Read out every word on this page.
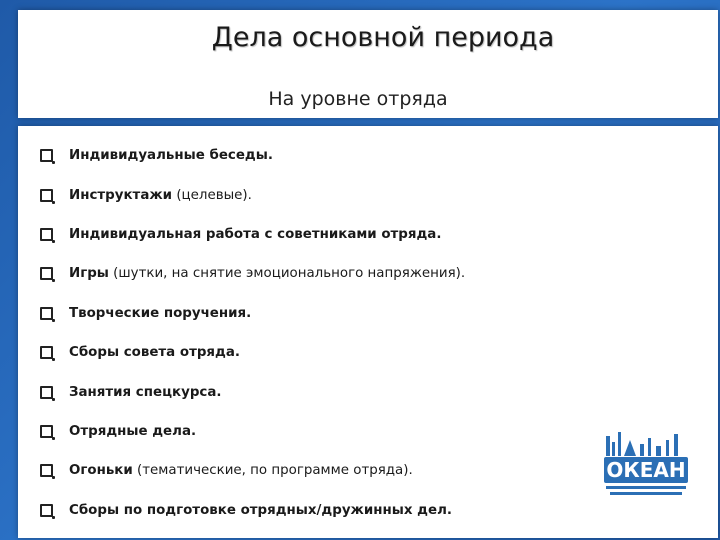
Дела основной периода
На уровне отряда
Индивидуальные беседы.
Инструктажи (целевые).
Индивидуальная работа с советниками отряда.
Игры (шутки, на снятие эмоционального напряжения).
Творческие поручения.
Сборы совета отряда.
Занятия спецкурса.
Отрядные дела.
Огоньки (тематические, по программе отряда).
Сборы по подготовке отрядных/дружинных дел.
ОКЕАН
